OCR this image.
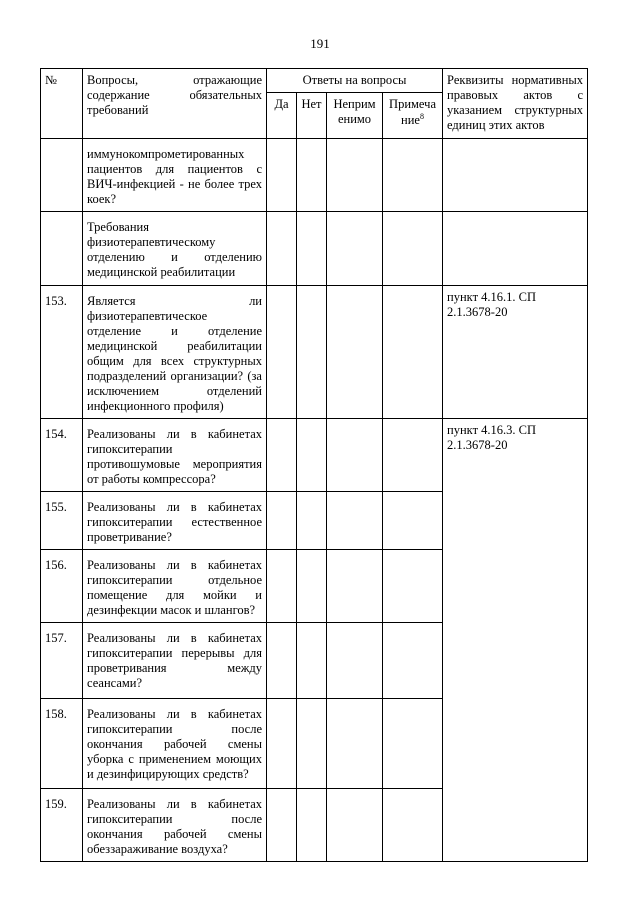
191
№	Вопросы, отражающие содержание обязательных требований	Ответы на вопросы				Реквизиты нормативных правовых актов с указанием структурных единиц этих актов
		Да	Нет	Неприм енимо	Примеча ние$^8$

	иммунокомпрометированных пациентов для пациентов с ВИЧ-инфекцией - не более трех коек?					

	Требования физиотерапевтическому отделению и отделению медицинской реабилитации					

153.	Является ли физиотерапевтическое отделение и отделение медицинской реабилитации общим для всех структурных подразделений организации? (за исключением отделений инфекционного профиля)					пункт 4.16.1. СП 2.1.3678-20

154.	Реализованы ли в кабинетах гипокситерапии противошумовые мероприятия от работы компрессора?					пункт 4.16.3. СП 2.1.3678-20

155.	Реализованы ли в кабинетах гипокситерапии естественное проветривание?					

156.	Реализованы ли в кабинетах гипокситерапии отдельное помещение для мойки и дезинфекции масок и шлангов?					

157.	Реализованы ли в кабинетах гипокситерапии перерывы для проветривания между сеансами?					

158.	Реализованы ли в кабинетах гипокситерапии после окончания рабочей смены уборка с применением моющих и дезинфицирующих средств?					

159.	Реализованы ли в кабинетах гипокситерапии после окончания рабочей смены обеззараживание воздуха?					
